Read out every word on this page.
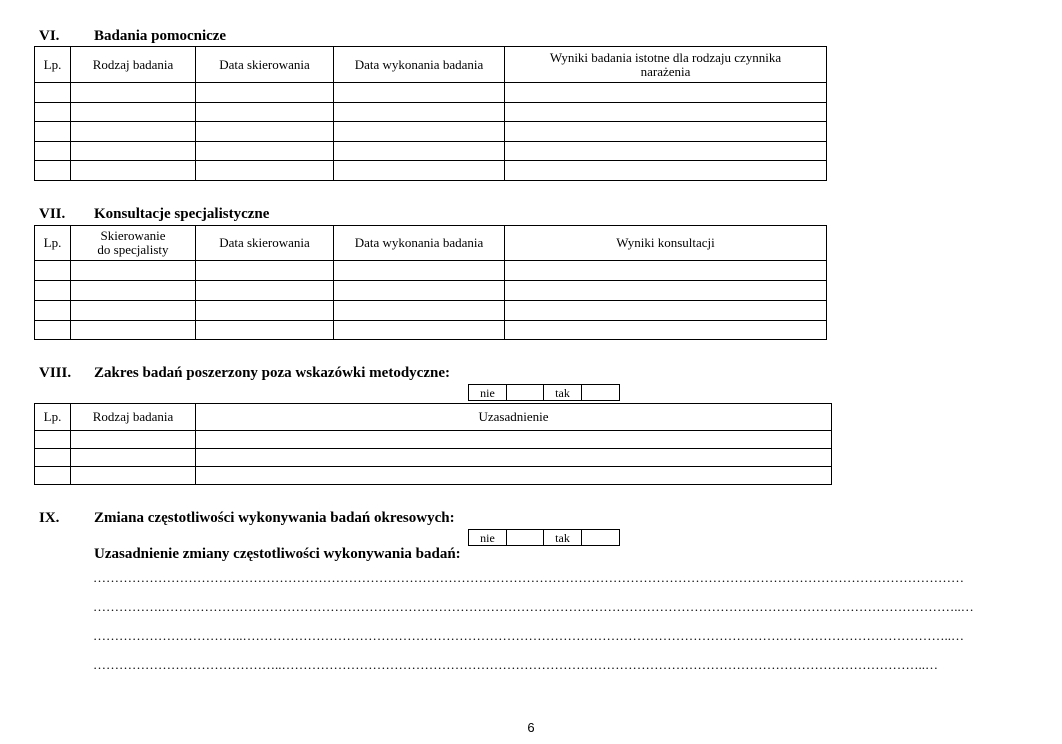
VI. Badania pomocnicze
Lp.	Rodzaj badania	Data skierowania	Data wykonania badania	Wyniki badania istotne dla rodzaju czynnika narażenia

VII. Konsultacje specjalistyczne
Lp.	Skierowanie do specjalisty	Data skierowania	Data wykonania badania	Wyniki konsultacji

VIII. Zakres badań poszerzony poza wskazówki metodyczne:
nie		tak	
Lp.	Rodzaj badania	Uzasadnienie

IX. Zmiana częstotliwości wykonywania badań okresowych:
nie		tak	
Uzasadnienie zmiany częstotliwości wykonywania badań:
…………………………………………………………………………………………………………………………………………………………………………………
…………….…………………………………………………………………………………………………………………………………………………………………..…
……………………………..………………………………………………………………………………………………………………………………………………..…
……………………………………..…………………………………………………………………………………………………………………………………..…
6
